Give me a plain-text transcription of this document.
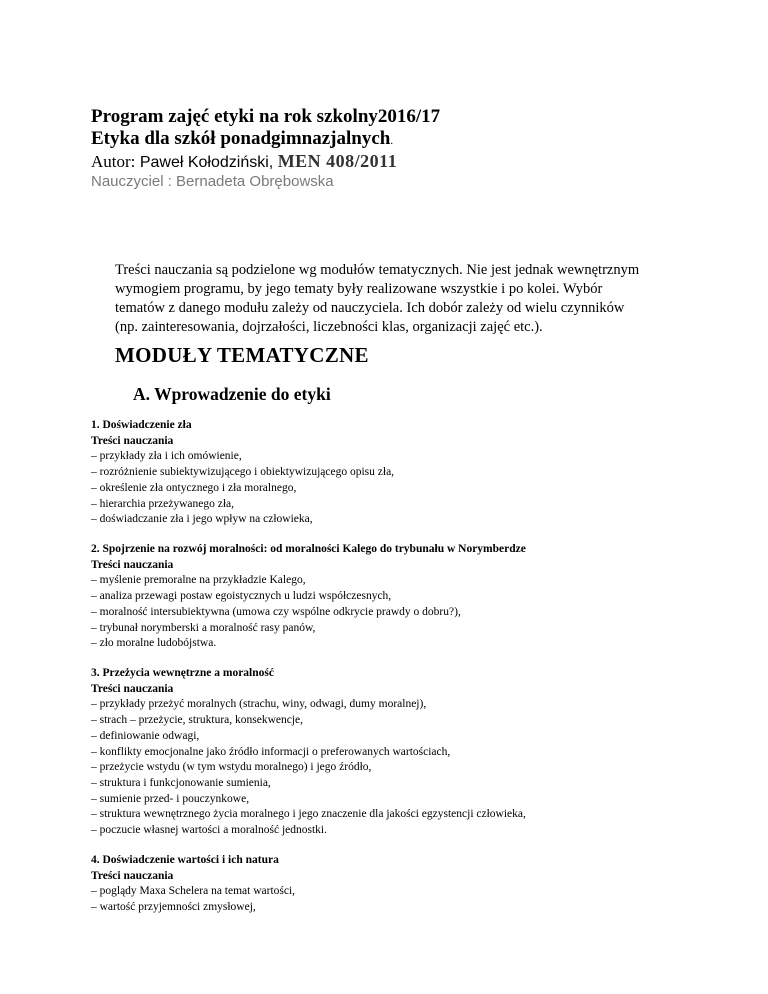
Program zajęć etyki na rok szkolny2016/17
Etyka dla szkół ponadgimnazjalnych.
Autor: Paweł Kołodziński, MEN 408/2011
Nauczyciel : Bernadeta Obrębowska
Treści nauczania są podzielone wg modułów tematycznych. Nie jest jednak wewnętrznym
wymogiem programu, by jego tematy były realizowane wszystkie i po kolei. Wybór
tematów z danego modułu zależy od nauczyciela. Ich dobór zależy od wielu czynników
(np. zainteresowania, dojrzałości, liczebności klas, organizacji zajęć etc.).
MODUŁY TEMATYCZNE
A. Wprowadzenie do etyki
1. Doświadczenie zła
Treści nauczania
– przykłady zła i ich omówienie,
– rozróżnienie subiektywizującego i obiektywizującego opisu zła,
– określenie zła ontycznego i zła moralnego,
– hierarchia przeżywanego zła,
– doświadczanie zła i jego wpływ na człowieka,
2. Spojrzenie na rozwój moralności: od moralności Kalego do trybunału w Norymberdze
Treści nauczania
– myślenie premoralne na przykładzie Kalego,
– analiza przewagi postaw egoistycznych u ludzi współczesnych,
– moralność intersubiektywna (umowa czy wspólne odkrycie prawdy o dobru?),
– trybunał norymberski a moralność rasy panów,
– zło moralne ludobójstwa.
3. Przeżycia wewnętrzne a moralność
Treści nauczania
– przykłady przeżyć moralnych (strachu, winy, odwagi, dumy moralnej),
– strach – przeżycie, struktura, konsekwencje,
– definiowanie odwagi,
– konflikty emocjonalne jako źródło informacji o preferowanych wartościach,
– przeżycie wstydu (w tym wstydu moralnego) i jego źródło,
– struktura i funkcjonowanie sumienia,
– sumienie przed- i pouczynkowe,
– struktura wewnętrznego życia moralnego i jego znaczenie dla jakości egzystencji człowieka,
– poczucie własnej wartości a moralność jednostki.
4. Doświadczenie wartości i ich natura
Treści nauczania
– poglądy Maxa Schelera na temat wartości,
– wartość przyjemności zmysłowej,
